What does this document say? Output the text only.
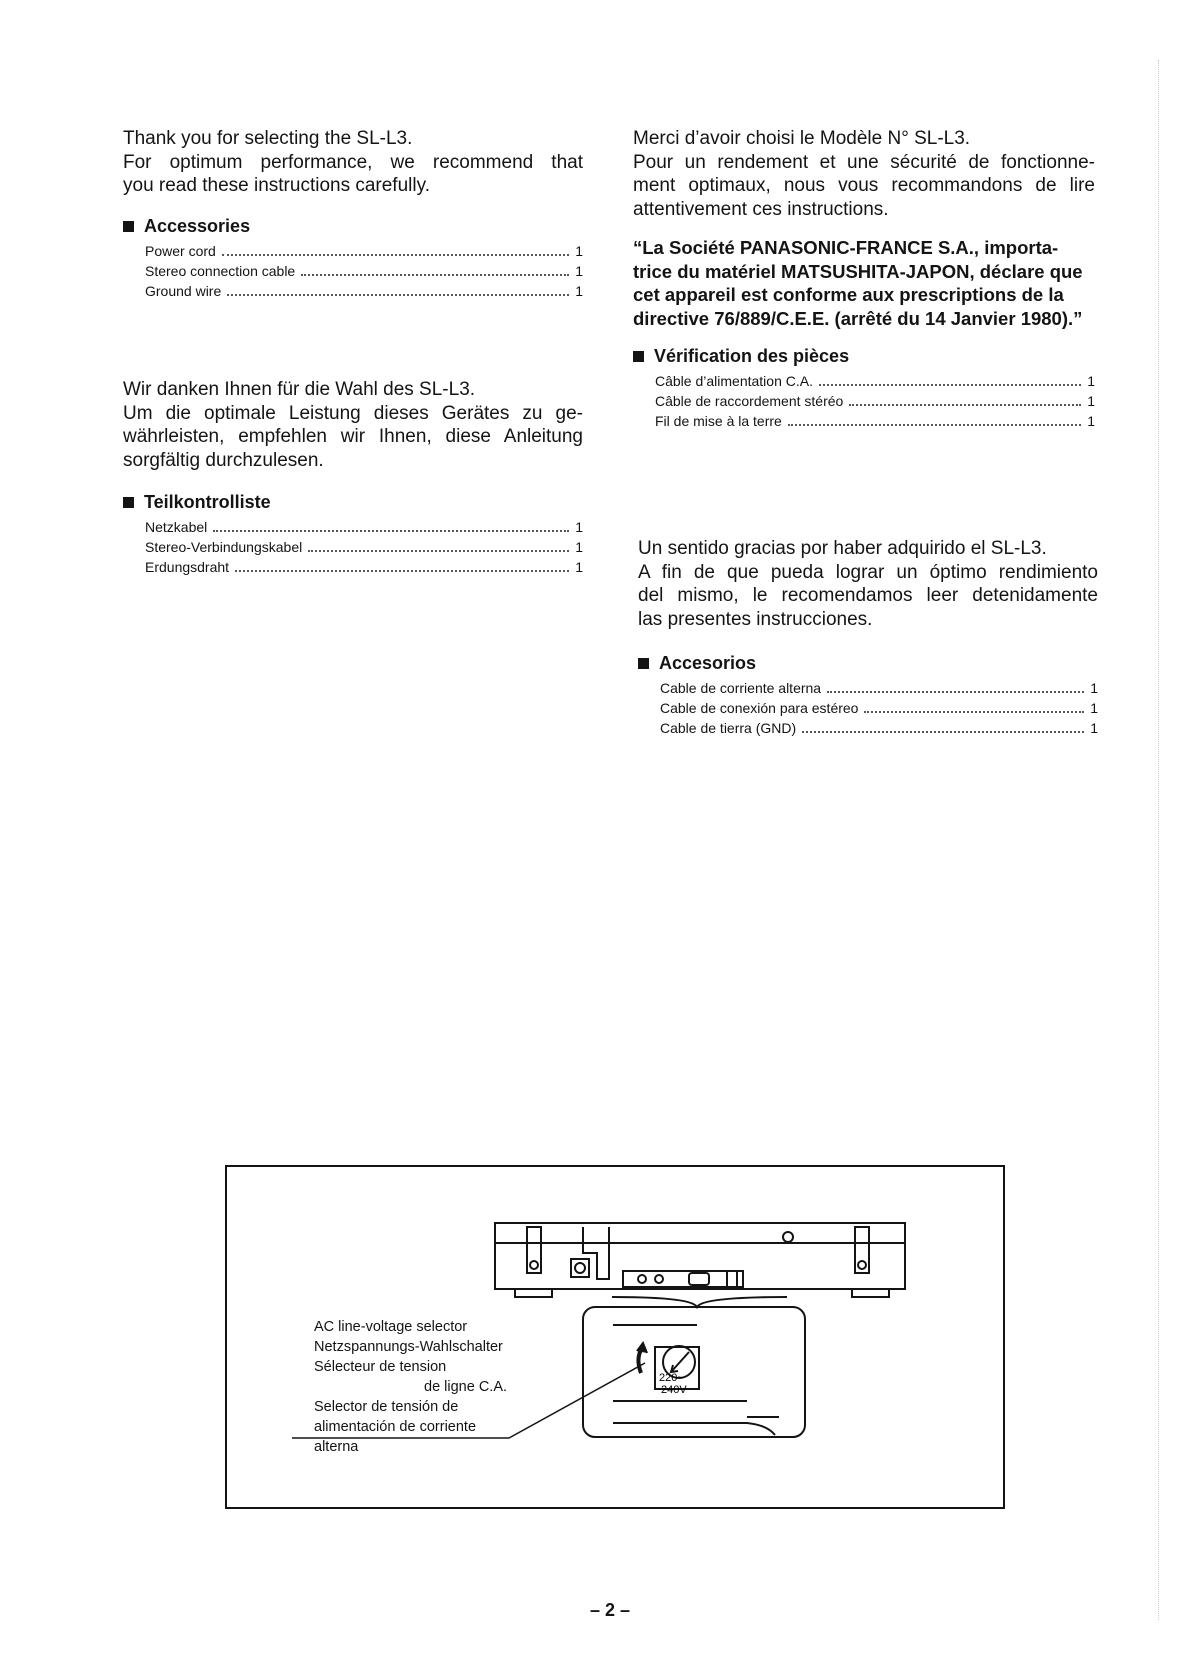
Thank you for selecting the SL-L3.
For optimum performance, we recommend that
you read these instructions carefully.

Accessories

Power cord	1
Stereo connection cable	1
Ground wire	1

Wir danken Ihnen für die Wahl des SL-L3.
Um die optimale Leistung dieses Gerätes zu ge-
währleisten, empfehlen wir Ihnen, diese Anleitung
sorgfältig durchzulesen.

Teilkontrolliste

Netzkabel	1
Stereo-Verbindungskabel	1
Erdungsdraht	1

Merci d’avoir choisi le Modèle N° SL-L3.
Pour un rendement et une sécurité de fonctionne-
ment optimaux, nous vous recommandons de lire
attentivement ces instructions.

“La Société PANASONIC-FRANCE S.A., importa- trice du matériel MATSUSHITA-JAPON, déclare que cet appareil est conforme aux prescriptions de la directive 76/889/C.E.E. (arrêté du 14 Janvier 1980).”

Vérification des pièces

Câble d’alimentation C.A.	1
Câble de raccordement stéréo	1
Fil de mise à la terre	1

Un sentido gracias por haber adquirido el SL-L3.
A fin de que pueda lograr un óptimo rendimiento
del mismo, le recomendamos leer detenidamente
las presentes instrucciones.

Accesorios

Cable de corriente alterna	1
Cable de conexión para estéreo	1
Cable de tierra (GND)	1
220~
240V
AC line-voltage selector
Netzspannungs-Wahlschalter
Sélecteur de tension
de ligne C.A.
Selector de tensión de
alimentación de corriente
alterna
– 2 –
